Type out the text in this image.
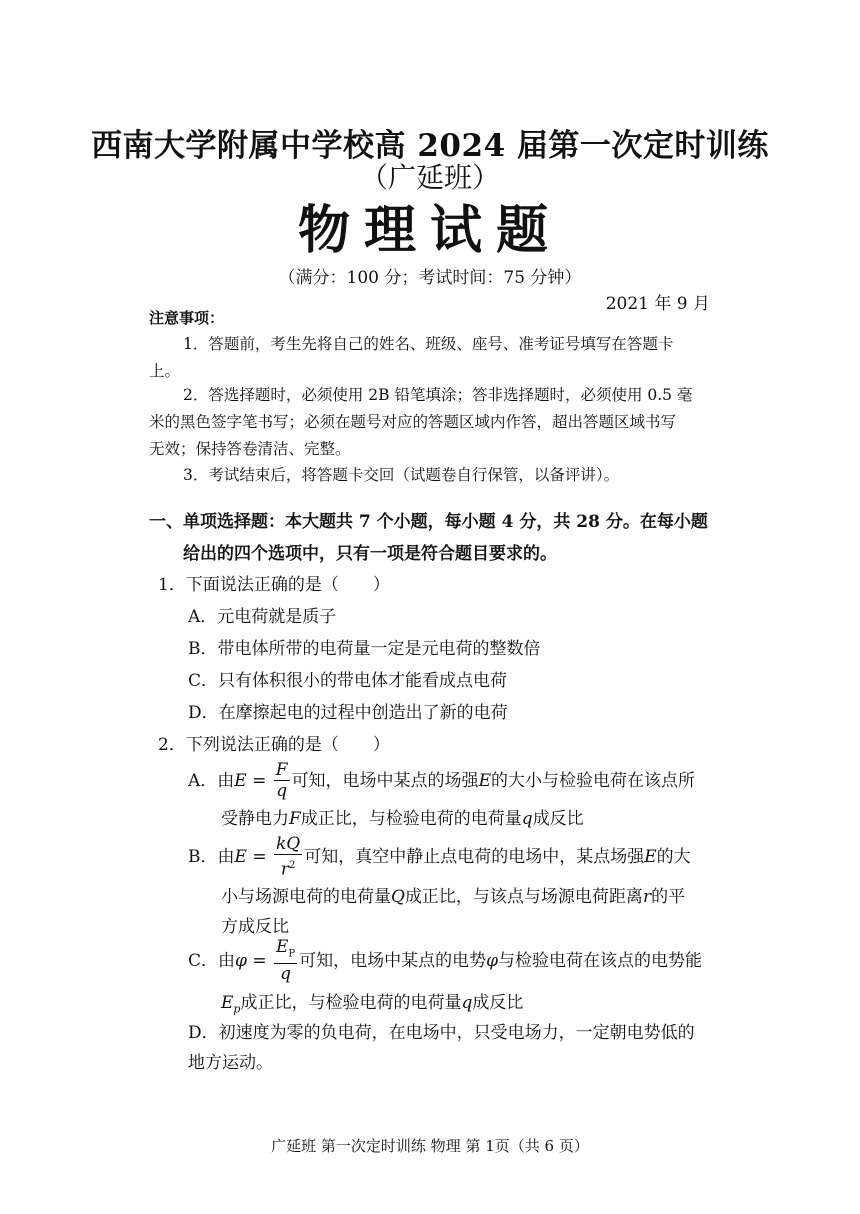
西南大学附属中学校高 2024 届第一次定时训练
（广延班）
物理试题
（满分：100 分；考试时间：75 分钟）
2021 年 9 月
注意事项：
1．答题前，考生先将自己的姓名、班级、座号、准考证号填写在答题卡
上。
2．答选择题时，必须使用 2B 铅笔填涂；答非选择题时，必须使用 0.5 毫
米的黑色签字笔书写；必须在题号对应的答题区域内作答，超出答题区域书写
无效；保持答卷清洁、完整。
3．考试结束后，将答题卡交回（试题卷自行保管，以备评讲）。
一、单项选择题：本大题共 7 个小题，每小题 4 分，共 28 分。在每小题
给出的四个选项中，只有一项是符合题目要求的。
1．下面说法正确的是（　　）
A．元电荷就是质子
B．带电体所带的电荷量一定是元电荷的整数倍
C．只有体积很小的带电体才能看成点电荷
D．在摩擦起电的过程中创造出了新的电荷
2．下列说法正确的是（　　）
A．由$E = \frac{F}{q}$ 可知，电场中某点的场强E的大小与检验电荷在该点所
受静电力F成正比，与检验电荷的电荷量q成反比
B．由$E = \frac{kQ}{r^2}$ 可知，真空中静止点电荷的电场中，某点场强E的大
小与场源电荷的电荷量Q成正比，与该点与场源电荷距离r的平
方成反比
C．由$\varphi = \frac{E_P}{q}$ 可知，电场中某点的电势φ与检验电荷在该点的电势能
$E_p$成正比，与检验电荷的电荷量q成反比
D．初速度为零的负电荷，在电场中，只受电场力，一定朝电势低的
地方运动。
广延班 第一次定时训练 物理 第 1页（共 6 页）
